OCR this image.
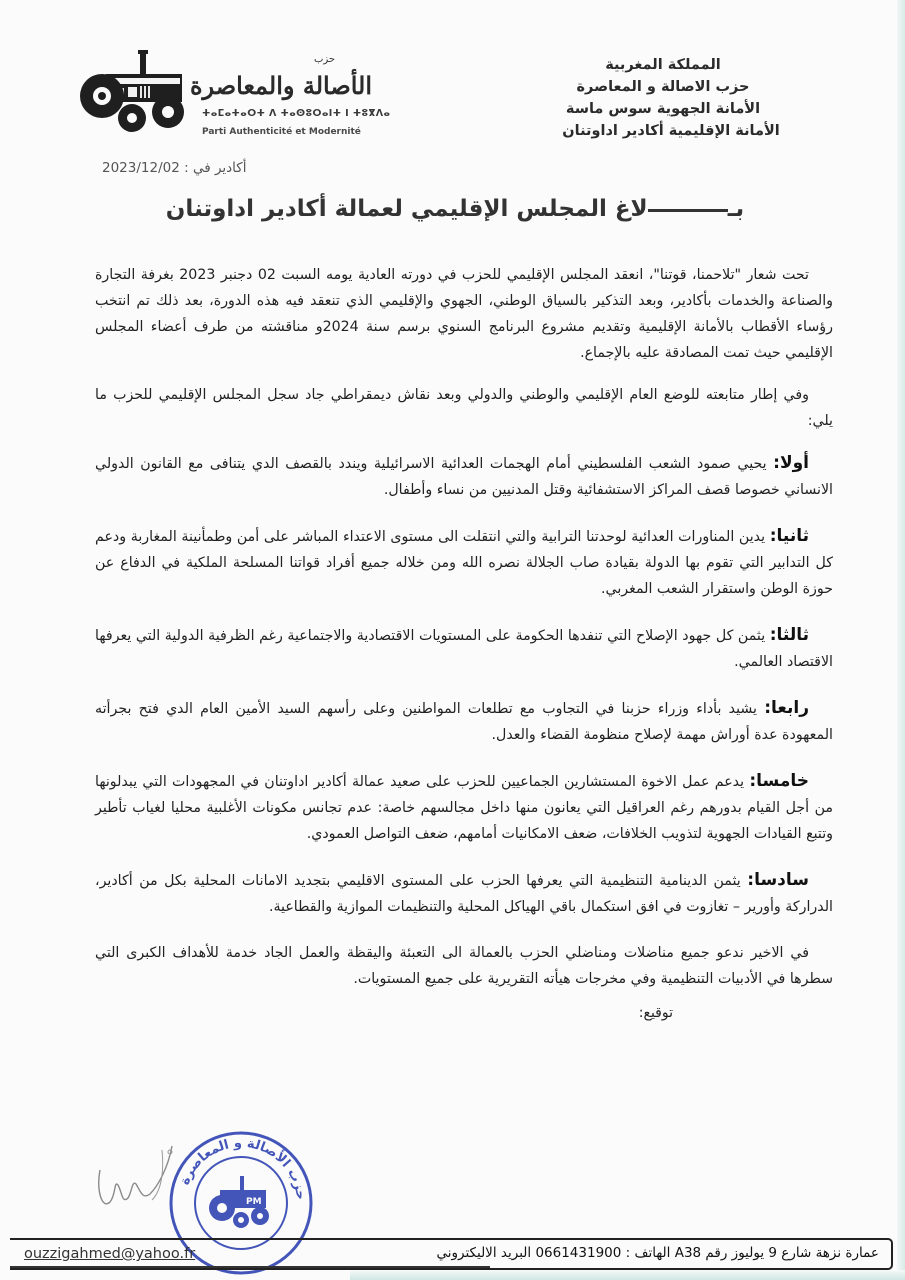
المملكة المغربية
حزب الاصالة و المعاصرة
الأمانة الجهوية سوس ماسة
الأمانة الإقليمية أكادير اداوتنان
حزب
الأصالة والمعاصرة
ⵜⴰⵎⴰⵜⴰⵔⵜ ⴷ ⵜⴰⵙⵓⵔⴰⵏⵜ ⵏ ⵜⵓⴳⴷⴰ
Parti Authenticité et Modernité
2023/12/02 أكادير في :
بـلاغ المجلس الإقليمي لعمالة أكادير اداوتنان

تحت شعار "تلاحمنا، قوتنا"، انعقد المجلس الإقليمي للحزب في دورته العادية يومه السبت 02 دجنبر 2023 بغرفة التجارة والصناعة والخدمات بأكادير، وبعد التذكير بالسياق الوطني، الجهوي والإقليمي الذي تنعقد فيه هذه الدورة، بعد ذلك تم انتخب رؤساء الأقطاب بالأمانة الإقليمية وتقديم مشروع البرنامج السنوي برسم سنة 2024و مناقشته من طرف أعضاء المجلس الإقليمي حيث تمت المصادقة عليه بالإجماع.

وفي إطار متابعته للوضع العام الإقليمي والوطني والدولي وبعد نقاش ديمقراطي جاد سجل المجلس الإقليمي للحزب ما يلي:

أولا: يحيي صمود الشعب الفلسطيني أمام الهجمات العدائية الاسرائيلية ويندد بالقصف الدي يتنافى مع القانون الدولي الانساني خصوصا قصف المراكز الاستشفائية وقتل المدنيين من نساء وأطفال.

ثانيا: يدين المناورات العدائية لوحدتنا الترابية والتي انتقلت الى مستوى الاعتداء المباشر على أمن وطمأنينة المغاربة ودعم كل التدابير التي تقوم بها الدولة بقيادة صاب الجلالة نصره الله ومن خلاله جميع أفراد قواتنا المسلحة الملكية في الدفاع عن حوزة الوطن واستقرار الشعب المغربي.

ثالثا: يثمن كل جهود الإصلاح التي تنفدها الحكومة على المستويات الاقتصادية والاجتماعية رغم الظرفية الدولية التي يعرفها الاقتصاد العالمي.

رابعا: يشيد بأداء وزراء حزبنا في التجاوب مع تطلعات المواطنين وعلى رأسهم السيد الأمين العام الدي فتح بجرأته المعهودة عدة أوراش مهمة لإصلاح منظومة القضاء والعدل.

خامسا: يدعم عمل الاخوة المستشارين الجماعيين للحزب على صعيد عمالة أكادير اداوتنان في المجهودات التي يبدلونها من أجل القيام بدورهم رغم العراقيل التي يعانون منها داخل مجالسهم خاصة: عدم تجانس مكونات الأغلبية محليا لغياب تأطير وتتبع القيادات الجهوية لتذويب الخلافات، ضعف الامكانيات أمامهم، ضعف التواصل العمودي.

سادسا: يثمن الدينامية التنظيمية التي يعرفها الحزب على المستوى الاقليمي بتجديد الامانات المحلية بكل من أكادير، الدراركة وأورير – تغازوت في افق استكمال باقي الهياكل المحلية والتنظيمات الموازية والقطاعية.

في الاخير ندعو جميع مناضلات ومناضلي الحزب بالعمالة الى التعبئة واليقظة والعمل الجاد خدمة للأهداف الكبرى التي سطرها في الأدبيات التنظيمية وفي مخرجات هيأته التقريرية على جميع المستويات.

توقيع:
حزب الأصالة و المعاصرة
PM
عمارة نزهة شارع 9 يوليوز رقم A38 الهاتف : 0661431900 البريد الاليكتروني
ouzzigahmed@yahoo.fr
